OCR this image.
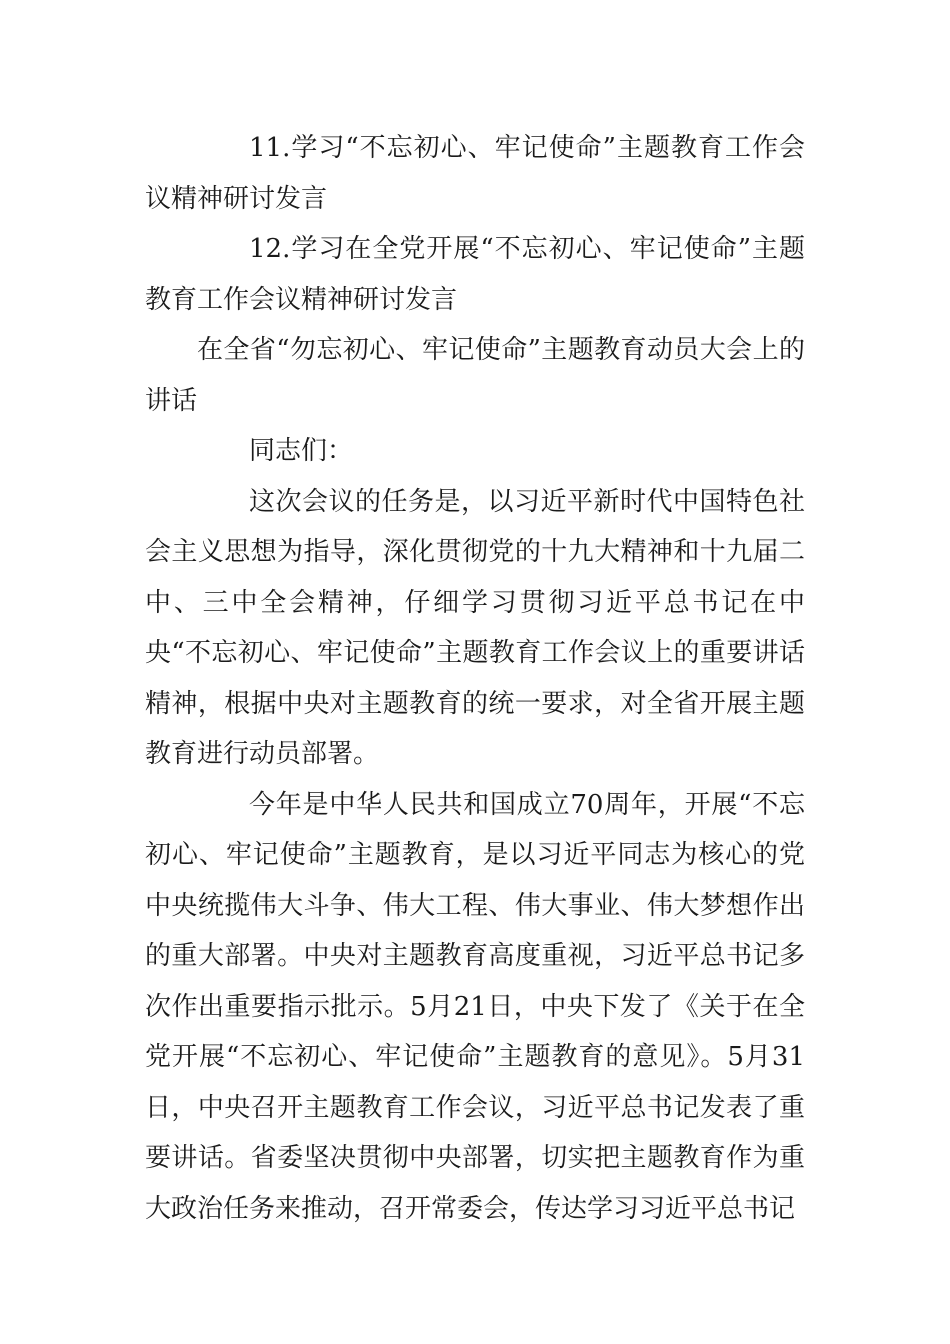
11.学习“不忘初心、牢记使命”主题教育工作会议精神研讨发言

12.学习在全党开展“不忘初心、牢记使命”主题教育工作会议精神研讨发言

在全省“勿忘初心、牢记使命”主题教育动员大会上的讲话

同志们：

这次会议的任务是，以习近平新时代中国特色社会主义思想为指导，深化贯彻党的十九大精神和十九届二中、三中全会精神，仔细学习贯彻习近平总书记在中央“不忘初心、牢记使命”主题教育工作会议上的重要讲话精神，根据中央对主题教育的统一要求，对全省开展主题教育进行动员部署。

今年是中华人民共和国成立70周年，开展“不忘初心、牢记使命”主题教育，是以习近平同志为核心的党中央统揽伟大斗争、伟大工程、伟大事业、伟大梦想作出的重大部署。中央对主题教育高度重视，习近平总书记多次作出重要指示批示。5月21日，中央下发了《关于在全党开展“不忘初心、牢记使命”主题教育的意见》。5月31日，中央召开主题教育工作会议，习近平总书记发表了重要讲话。省委坚决贯彻中央部署，切实把主题教育作为重大政治任务来推动，召开常委会，传达学习习近平总书记
